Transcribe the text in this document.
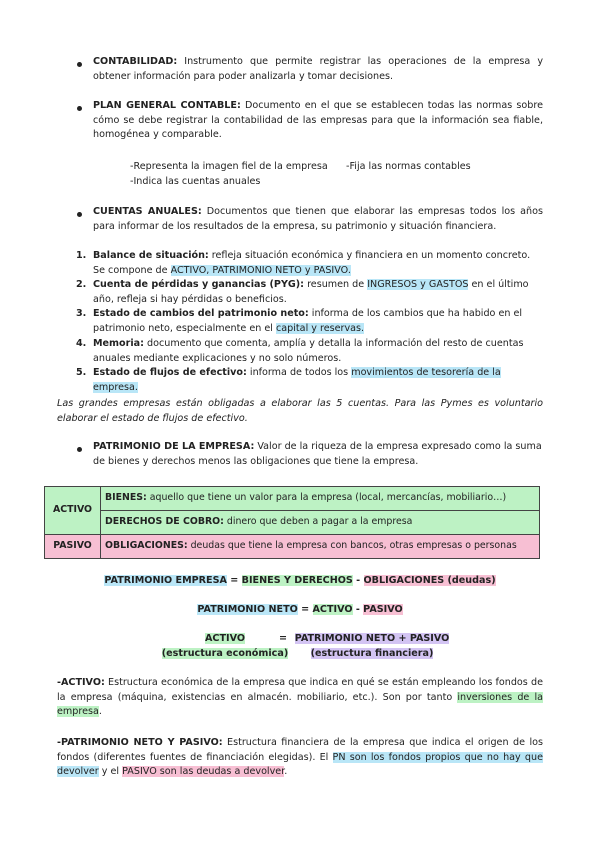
CONTABILIDAD: Instrumento que permite registrar las operaciones de la empresa y obtener información para poder analizarla y tomar decisiones.
PLAN GENERAL CONTABLE: Documento en el que se establecen todas las normas sobre cómo se debe registrar la contabilidad de las empresas para que la información sea fiable, homogénea y comparable.
-Representa la imagen fiel de la empresa -Fija las normas contables
-Indica las cuentas anuales
CUENTAS ANUALES: Documentos que tienen que elaborar las empresas todos los años para informar de los resultados de la empresa, su patrimonio y situación financiera.
1. Balance de situación: refleja situación económica y financiera en un momento concreto. Se compone de ACTIVO, PATRIMONIO NETO y PASIVO.
2. Cuenta de pérdidas y ganancias (PYG): resumen de INGRESOS y GASTOS en el último año, refleja si hay pérdidas o beneficios.
3. Estado de cambios del patrimonio neto: informa de los cambios que ha habido en el patrimonio neto, especialmente en el capital y reservas.
4. Memoria: documento que comenta, amplía y detalla la información del resto de cuentas anuales mediante explicaciones y no solo números.
5. Estado de flujos de efectivo: informa de todos los movimientos de tesorería de la empresa.
Las grandes empresas están obligadas a elaborar las 5 cuentas. Para las Pymes es voluntario elaborar el estado de flujos de efectivo.
PATRIMONIO DE LA EMPRESA: Valor de la riqueza de la empresa expresado como la suma de bienes y derechos menos las obligaciones que tiene la empresa.
ACTIVO	BIENES: aquello que tiene un valor para la empresa (local, mercancías, mobiliario…)
	DERECHOS DE COBRO: dinero que deben a pagar a la empresa
PASIVO	OBLIGACIONES: deudas que tiene la empresa con bancos, otras empresas o personas
PATRIMONIO EMPRESA = BIENES Y DERECHOS - OBLIGACIONES (deudas)
PATRIMONIO NETO = ACTIVO - PASIVO
ACTIVO	= PATRIMONIO NETO + PASIVO
(estructura económica)	(estructura financiera)
-ACTIVO: Estructura económica de la empresa que indica en qué se están empleando los fondos de la empresa (máquina, existencias en almacén. mobiliario, etc.). Son por tanto inversiones de la empresa.
-PATRIMONIO NETO Y PASIVO: Estructura financiera de la empresa que indica el origen de los fondos (diferentes fuentes de financiación elegidas). El PN son los fondos propios que no hay que devolver y el PASIVO son las deudas a devolver.
